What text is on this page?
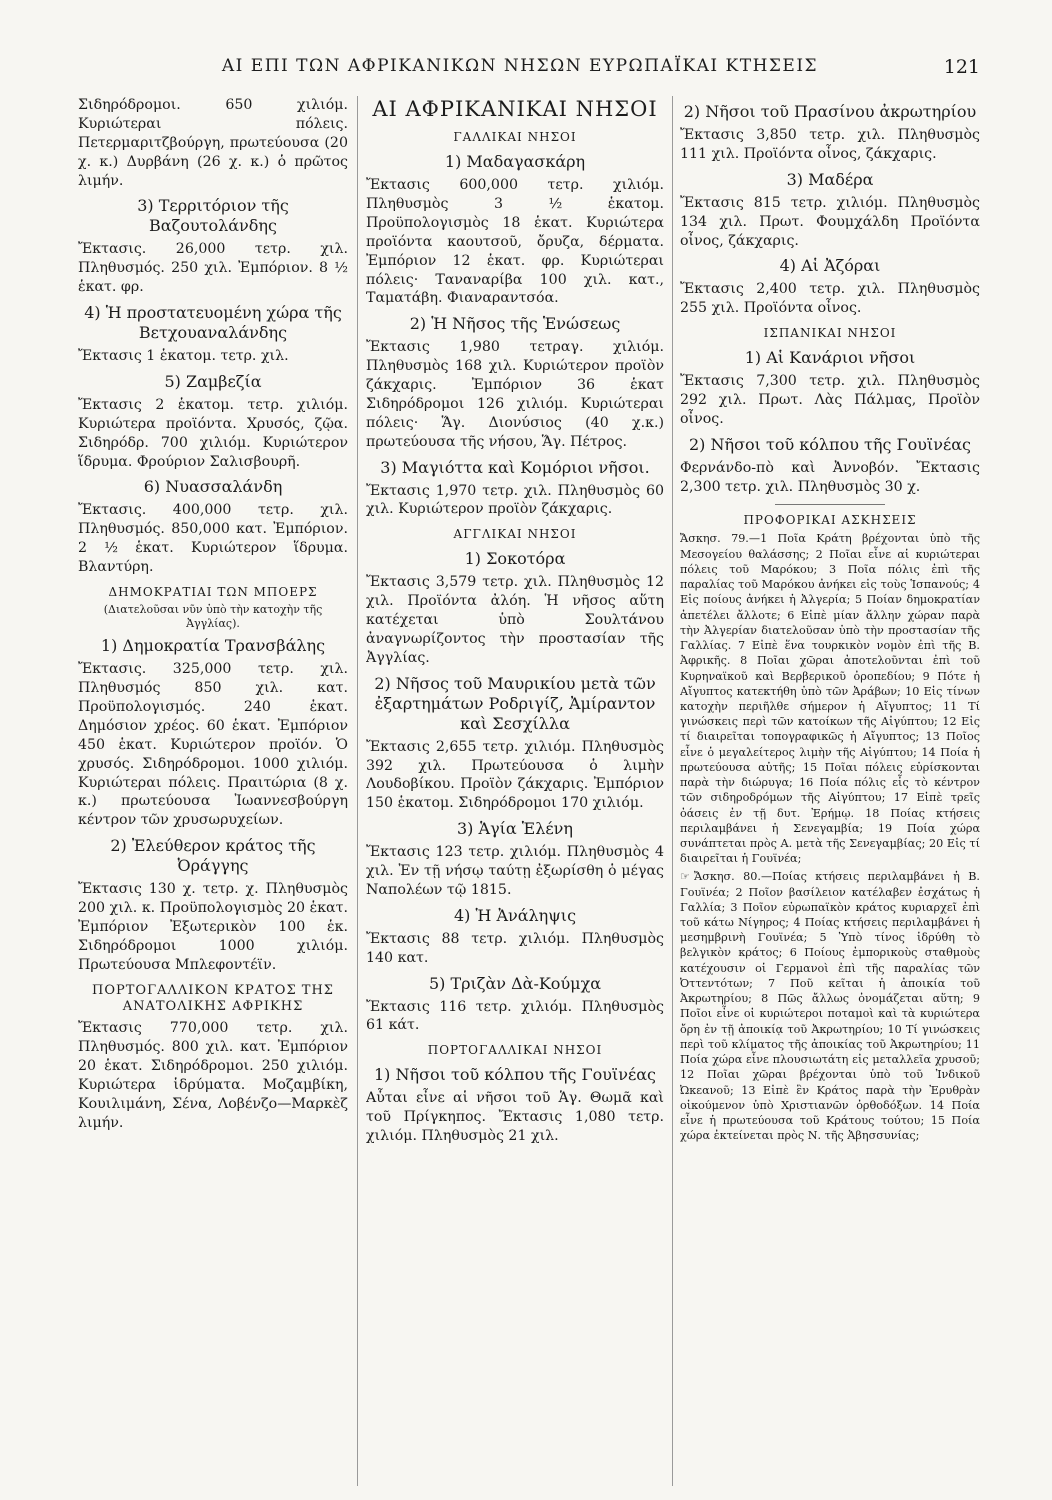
ΑΙ ΕΠΙ ΤΩΝ ΑΦΡΙΚΑΝΙΚΩΝ ΝΗΣΩΝ ΕΥΡΩΠΑΪΚΑΙ ΚΤΗΣΕΙΣ	121

Σιδηρόδρομοι. 650 χιλιόμ. Κυριώτεραι πόλεις. Πετερμαριτζβούργη, πρωτεύουσα (20 χ. κ.) Δυρβάνη (26 χ. κ.) ὁ πρῶτος λιμήν.

3) Τερριτόριον τῆς Βαζουτολάνδης

Ἔκτασις. 26,000 τετρ. χιλ. Πληθυσμός. 250 χιλ. Ἐμπόριον. 8 ½ ἑκατ. φρ.

4) Ἡ προστατευομένη χώρα τῆς Βετχουαναλάνδης

Ἔκτασις 1 ἑκατομ. τετρ. χιλ.

5) Ζαμβεζία

Ἔκτασις 2 ἑκατομ. τετρ. χιλιόμ. Κυριώτερα προϊόντα. Χρυσός, ζῷα. Σιδηρόδρ. 700 χιλιόμ. Κυριώτερον ἵδρυμα. Φρούριον Σαλισβουρῆ.

6) Νυασσαλάνδη

Ἔκτασις. 400,000 τετρ. χιλ. Πληθυσμός. 850,000 κατ. Ἐμπόριον. 2 ½ ἑκατ. Κυριώτερον ἵδρυμα. Βλαντύρη.

ΔΗΜΟΚΡΑΤΙΑΙ ΤΩΝ ΜΠΟΕΡΣ

(Διατελοῦσαι νῦν ὑπὸ τὴν κατοχὴν τῆς Ἀγγλίας).

1) Δημοκρατία Τρανσβάλης

Ἔκτασις. 325,000 τετρ. χιλ. Πληθυσμός 850 χιλ. κατ. Προϋπολογισμός. 240 ἑκατ. Δημόσιον χρέος. 60 ἑκατ. Ἐμπόριον 450 ἑκατ. Κυριώτερον προϊόν. Ὁ χρυσός. Σιδηρόδρομοι. 1000 χιλιόμ. Κυριώτεραι πόλεις. Πραιτώρια (8 χ. κ.) πρωτεύουσα Ἰωαννεσβούργη κέντρον τῶν χρυσωρυχείων.

2) Ἐλεύθερον κράτος τῆς Ὀράγγης

Ἔκτασις 130 χ. τετρ. χ. Πληθυσμὸς 200 χιλ. κ. Προϋπολογισμὸς 20 ἑκατ. Ἐμπόριον Ἐξωτερικὸν 100 ἑκ. Σιδηρόδρομοι 1000 χιλιόμ. Πρωτεύουσα Μπλεφοντέϊν.

ΠΟΡΤΟΓΑΛΛΙΚΟΝ ΚΡΑΤΟΣ ΤΗΣ ΑΝΑΤΟΛΙΚΗΣ ΑΦΡΙΚΗΣ

Ἔκτασις 770,000 τετρ. χιλ. Πληθυσμός. 800 χιλ. κατ. Ἐμπόριον 20 ἑκατ. Σιδηρόδρομοι. 250 χιλιόμ. Κυριώτερα ἱδρύματα. Μοζαμβίκη, Κουιλιμάνη, Σένα, Λοβένζο—Μαρκὲζ λιμήν.

ΑΙ ΑΦΡΙΚΑΝΙΚΑΙ ΝΗΣΟΙ
ΓΑΛΛΙΚΑΙ ΝΗΣΟΙ
1) Μαδαγασκάρη

Ἔκτασις 600,000 τετρ. χιλιόμ. Πληθυσμὸς 3 ½ ἑκατομ. Προϋπολογισμὸς 18 ἑκατ. Κυριώτερα προϊόντα καουτσοῦ, ὄρυζα, δέρματα. Ἐμπόριον 12 ἑκατ. φρ. Κυριώτεραι πόλεις· Ταναναρίβα 100 χιλ. κατ., Ταματάβη. Φιαναραντσόα.

2) Ἡ Νῆσος τῆς Ἑνώσεως

Ἔκτασις 1,980 τετραγ. χιλιόμ. Πληθυσμὸς 168 χιλ. Κυριώτερον προϊὸν ζάκχαρις. Ἐμπόριον 36 ἑκατ Σιδηρόδρομοι 126 χιλιόμ. Κυριώτεραι πόλεις· Ἅγ. Διονύσιος (40 χ.κ.) πρωτεύουσα τῆς νήσου, Ἅγ. Πέτρος.

3) Μαγιόττα καὶ Κομόριοι νῆσοι.

Ἔκτασις 1,970 τετρ. χιλ. Πληθυσμὸς 60 χιλ. Κυριώτερον προϊὸν ζάκχαρις.

ΑΓΓΛΙΚΑΙ ΝΗΣΟΙ
1) Σοκοτόρα

Ἔκτασις 3,579 τετρ. χιλ. Πληθυσμὸς 12 χιλ. Προϊόντα ἀλόη. Ἡ νῆσος αὕτη κατέχεται ὑπὸ Σουλτάνου ἀναγνωρίζοντος τὴν προστασίαν τῆς Ἀγγλίας.

2) Νῆσος τοῦ Μαυρικίου μετὰ τῶν ἐξαρτημάτων Ροδριγίζ, Ἀμίραντον καὶ Σεσχίλλα

Ἔκτασις 2,655 τετρ. χιλιόμ. Πληθυσμὸς 392 χιλ. Πρωτεύουσα ὁ λιμὴν Λουδοβίκου. Προϊὸν ζάκχαρις. Ἐμπόριον 150 ἑκατομ. Σιδηρόδρομοι 170 χιλιόμ.

3) Ἁγία Ἑλένη

Ἔκτασις 123 τετρ. χιλιόμ. Πληθυσμὸς 4 χιλ. Ἐν τῇ νήσῳ ταύτῃ ἐξωρίσθη ὁ μέγας Ναπολέων τῷ 1815.

4) Ἡ Ἀνάληψις

Ἔκτασις 88 τετρ. χιλιόμ. Πληθυσμὸς 140 κατ.

5) Τριζὰν Δὰ-Κούμχα

Ἔκτασις 116 τετρ. χιλιόμ. Πληθυσμὸς 61 κάτ.

ΠΟΡΤΟΓΑΛΛΙΚΑΙ ΝΗΣΟΙ
1) Νῆσοι τοῦ κόλπου τῆς Γουϊνέας

Αὗται εἶνε αἱ νῆσοι τοῦ Ἁγ. Θωμᾶ καὶ τοῦ Πρίγκηπος. Ἔκτασις 1,080 τετρ. χιλιόμ. Πληθυσμὸς 21 χιλ.

2) Νῆσοι τοῦ Πρασίνου ἀκρωτηρίου

Ἔκτασις 3,850 τετρ. χιλ. Πληθυσμὸς 111 χιλ. Προϊόντα οἶνος, ζάκχαρις.

3) Μαδέρα

Ἔκτασις 815 τετρ. χιλιόμ. Πληθυσμὸς 134 χιλ. Πρωτ. Φουμχάλδη Προϊόντα οἶνος, ζάκχαρις.

4) Αἱ Ἀζόραι

Ἔκτασις 2,400 τετρ. χιλ. Πληθυσμὸς 255 χιλ. Προϊόντα οἶνος.

ΙΣΠΑΝΙΚΑΙ ΝΗΣΟΙ
1) Αἱ Κανάριοι νῆσοι

Ἔκτασις 7,300 τετρ. χιλ. Πληθυσμὸς 292 χιλ. Πρωτ. Λὰς Πάλμας, Προϊὸν οἶνος.

2) Νῆσοι τοῦ κόλπου τῆς Γουϊνέας

Φερνάνδο-πὸ καὶ Ἀννοβόν. Ἔκτασις 2,300 τετρ. χιλ. Πληθυσμὸς 30 χ.

ΠΡΟΦΟΡΙΚΑΙ ΑΣΚΗΣΕΙΣ

Ἄσκησ. 79.—1 Ποῖα Κράτη βρέχονται ὑπὸ τῆς Μεσογείου θαλάσσης; 2 Ποῖαι εἶνε αἱ κυριώτεραι πόλεις τοῦ Μαρόκου; 3 Ποῖα πόλις ἐπὶ τῆς παραλίας τοῦ Μαρόκου ἀνήκει εἰς τοὺς Ἱσπανούς; 4 Εἰς ποίους ἀνήκει ἡ Ἀλγερία; 5 Ποίαν δημοκρατίαν ἀπετέλει ἄλλοτε; 6 Εἰπὲ μίαν ἄλλην χώραν παρὰ τὴν Ἀλγερίαν διατελοῦσαν ὑπὸ τὴν προστασίαν τῆς Γαλλίας. 7 Εἰπὲ ἕνα τουρκικὸν νομὸν ἐπὶ τῆς Β. Ἀφρικῆς. 8 Ποῖαι χῶραι ἀποτελοῦνται ἐπὶ τοῦ Κυρηναϊκοῦ καὶ Βερβερικοῦ ὀροπεδίου; 9 Πότε ἡ Αἴγυπτος κατεκτήθη ὑπὸ τῶν Ἀράβων; 10 Εἰς τίνων κατοχὴν περιῆλθε σήμερον ἡ Αἴγυπτος; 11 Τί γινώσκεις περὶ τῶν κατοίκων τῆς Αἰγύπτου; 12 Εἰς τί διαιρεῖται τοπογραφικῶς ἡ Αἴγυπτος; 13 Ποῖος εἶνε ὁ μεγαλείτερος λιμὴν τῆς Αἰγύπτου; 14 Ποία ἡ πρωτεύουσα αὐτῆς; 15 Ποῖαι πόλεις εὑρίσκονται παρὰ τὴν διώρυγα; 16 Ποία πόλις εἶς τὸ κέντρον τῶν σιδηροδρόμων τῆς Αἰγύπτου; 17 Εἰπὲ τρεῖς ὀάσεις ἐν τῇ δυτ. Ἐρήμῳ. 18 Ποίας κτήσεις περιλαμβάνει ἡ Σενεγαμβία; 19 Ποία χώρα συνάπτεται πρὸς Α. μετὰ τῆς Σενεγαμβίας; 20 Εἰς τί διαιρεῖται ἡ Γουϊνέα;

☞ Ἄσκησ. 80.—Ποίας κτήσεις περιλαμβάνει ἡ Β. Γουϊνέα; 2 Ποῖον βασίλειον κατέλαβεν ἐσχάτως ἡ Γαλλία; 3 Ποῖον εὐρωπαϊκὸν κράτος κυριαρχεῖ ἐπὶ τοῦ κάτω Νίγηρος; 4 Ποίας κτήσεις περιλαμβάνει ἡ μεσημβρινὴ Γουϊνέα; 5 Ὑπὸ τίνος ἱδρύθη τὸ βελγικὸν κράτος; 6 Ποίους ἐμπορικοὺς σταθμοὺς κατέχουσιν οἱ Γερμανοὶ ἐπὶ τῆς παραλίας τῶν Ὀττεντότων; 7 Ποῦ κεῖται ἡ ἀποικία τοῦ Ἀκρωτηρίου; 8 Πῶς ἄλλως ὀνομάζεται αὕτη; 9 Ποῖοι εἶνε οἱ κυριώτεροι ποταμοὶ καὶ τὰ κυριώτερα ὄρη ἐν τῇ ἀποικίᾳ τοῦ Ἀκρωτηρίου; 10 Τί γινώσκεις περὶ τοῦ κλίματος τῆς ἀποικίας τοῦ Ἀκρωτηρίου; 11 Ποία χώρα εἶνε πλουσιωτάτη εἰς μεταλλεῖα χρυσοῦ; 12 Ποῖαι χῶραι βρέχονται ὑπὸ τοῦ Ἰνδικοῦ Ὠκεανοῦ; 13 Εἰπὲ ἓν Κράτος παρὰ τὴν Ἐρυθρὰν οἰκούμενον ὑπὸ Χριστιανῶν ὀρθοδόξων. 14 Ποία εἶνε ἡ πρωτεύουσα τοῦ Κράτους τούτου; 15 Ποία χώρα ἐκτείνεται πρὸς Ν. τῆς Ἀβησσυνίας;
